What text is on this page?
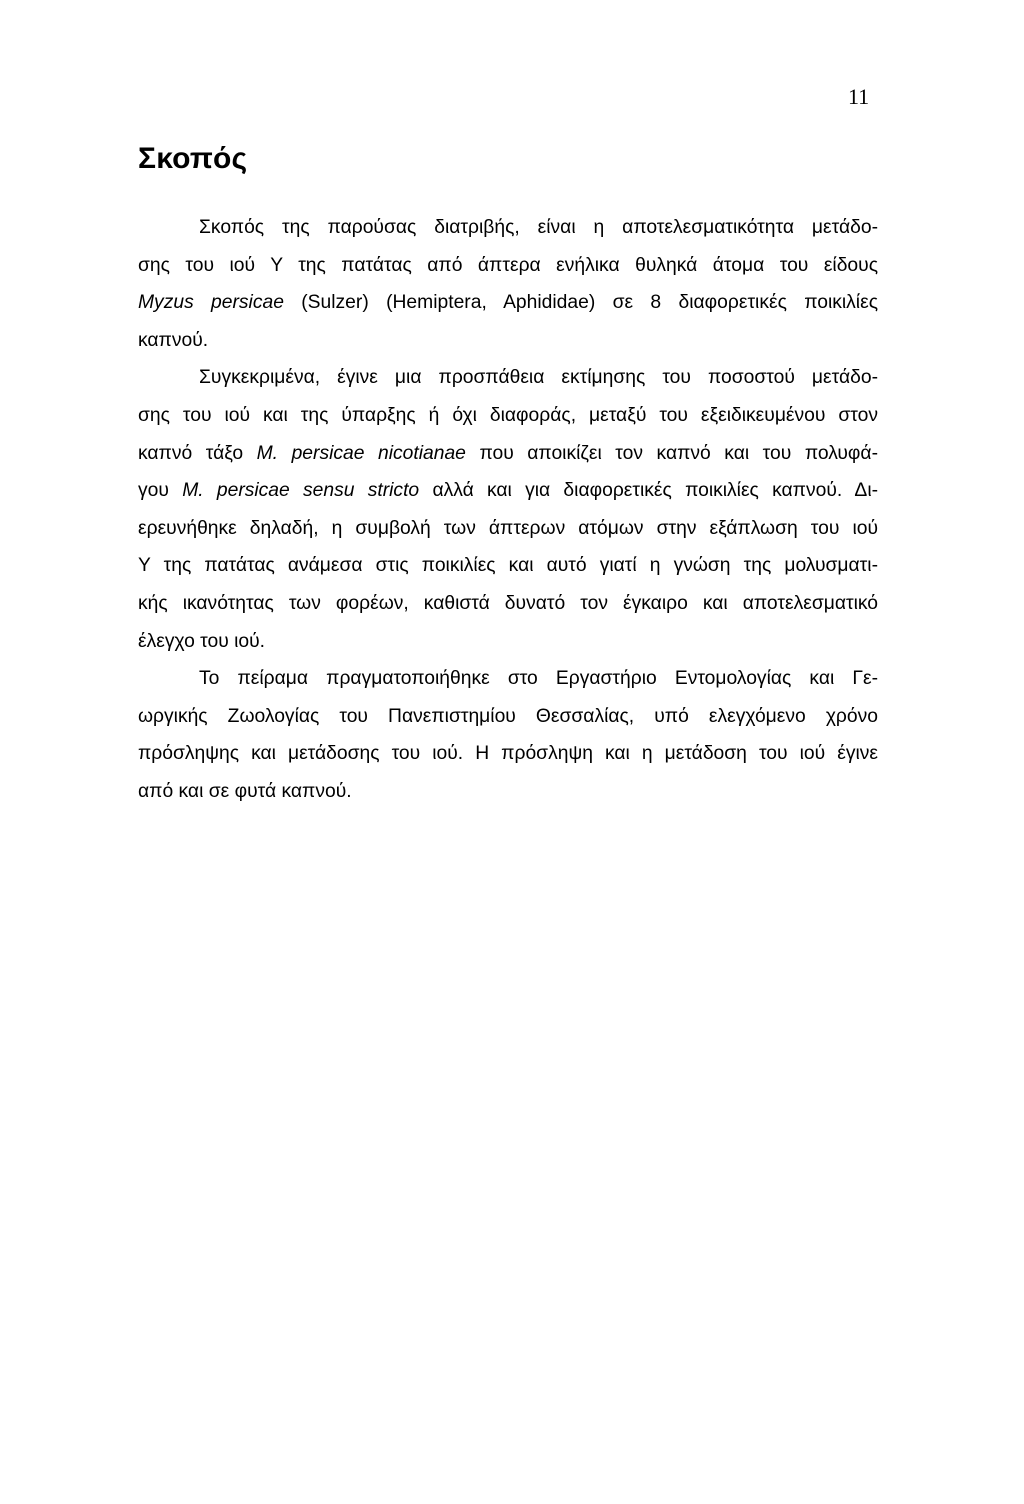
11
Σκοπός
Σκοπός της παρούσας διατριβής, είναι η αποτελεσματικότητα μετάδο-
σης του ιού Υ της πατάτας από άπτερα ενήλικα θυληκά άτομα του είδους
Myzus persicae (Sulzer) (Hemiptera, Aphididae) σε 8 διαφορετικές ποικιλίες
καπνού.
Συγκεκριμένα, έγινε μια προσπάθεια εκτίμησης του ποσοστού μετάδο-
σης του ιού και της ύπαρξης ή όχι διαφοράς, μεταξύ του εξειδικευμένου στον
καπνό τάξο M. persicae nicotianae που αποικίζει τον καπνό και του πολυφά-
γου M. persicae sensu stricto αλλά και για διαφορετικές ποικιλίες καπνού. Δι-
ερευνήθηκε δηλαδή, η συμβολή των άπτερων ατόμων στην εξάπλωση του ιού
Υ της πατάτας ανάμεσα στις ποικιλίες και αυτό γιατί η γνώση της μολυσματι-
κής ικανότητας των φορέων, καθιστά δυνατό τον έγκαιρο και αποτελεσματικό
έλεγχο του ιού.
Το πείραμα πραγματοποιήθηκε στο Εργαστήριο Εντομολογίας και Γε-
ωργικής Ζωολογίας του Πανεπιστημίου Θεσσαλίας, υπό ελεγχόμενο χρόνο
πρόσληψης και μετάδοσης του ιού. Η πρόσληψη και η μετάδοση του ιού έγινε
από και σε φυτά καπνού.
